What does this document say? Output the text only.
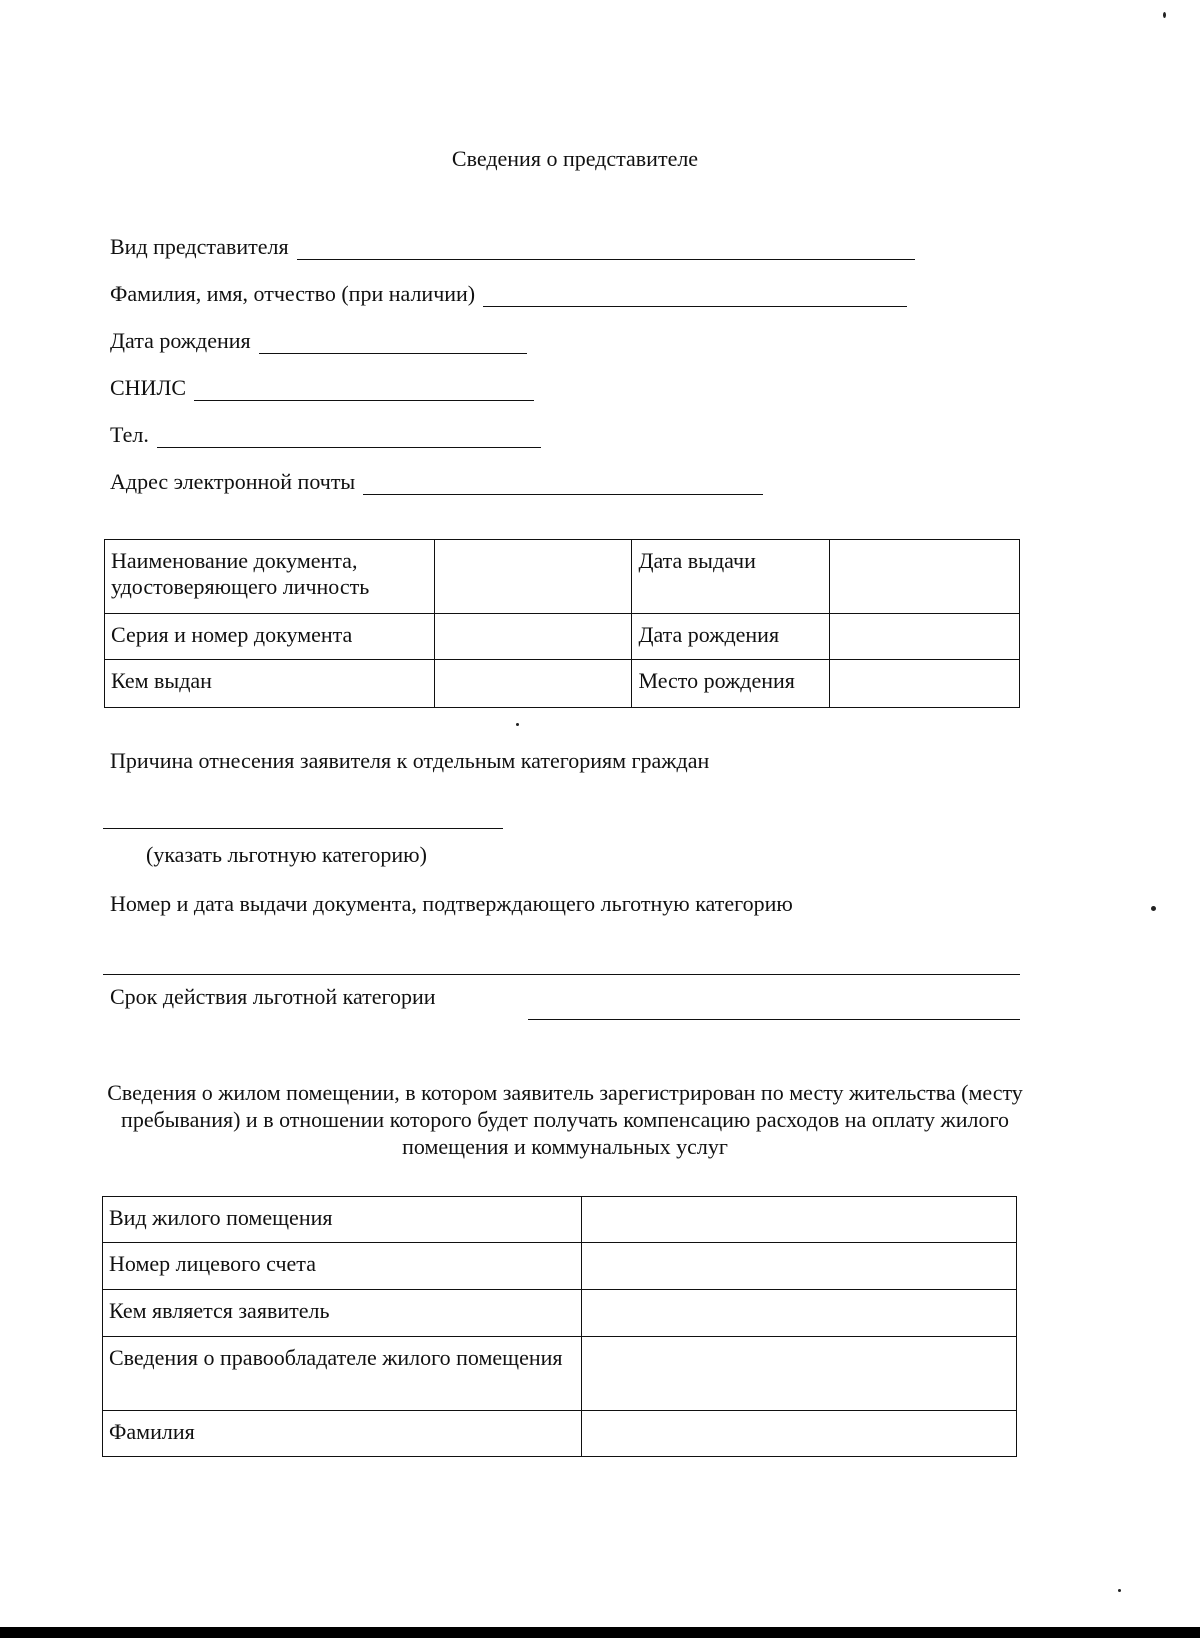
Сведения о представителе
Вид представителя
Фамилия, имя, отчество (при наличии)
Дата рождения
СНИЛС
Тел.
Адрес электронной почты
Наименование документа, удостоверяющего личность		Дата выдачи	
Серия и номер документа		Дата рождения	
Кем выдан		Место рождения	
Причина отнесения заявителя к отдельным категориям граждан
(указать льготную категорию)
Номер и дата выдачи документа, подтверждающего льготную категорию
Срок действия льготной категории
Сведения о жилом помещении, в котором заявитель зарегистрирован по месту жительства (месту пребывания) и в отношении которого будет получать компенсацию расходов на оплату жилого помещения и коммунальных услуг
Вид жилого помещения	
Номер лицевого счета	
Кем является заявитель	
Сведения о правообладателе жилого помещения	
Фамилия	
